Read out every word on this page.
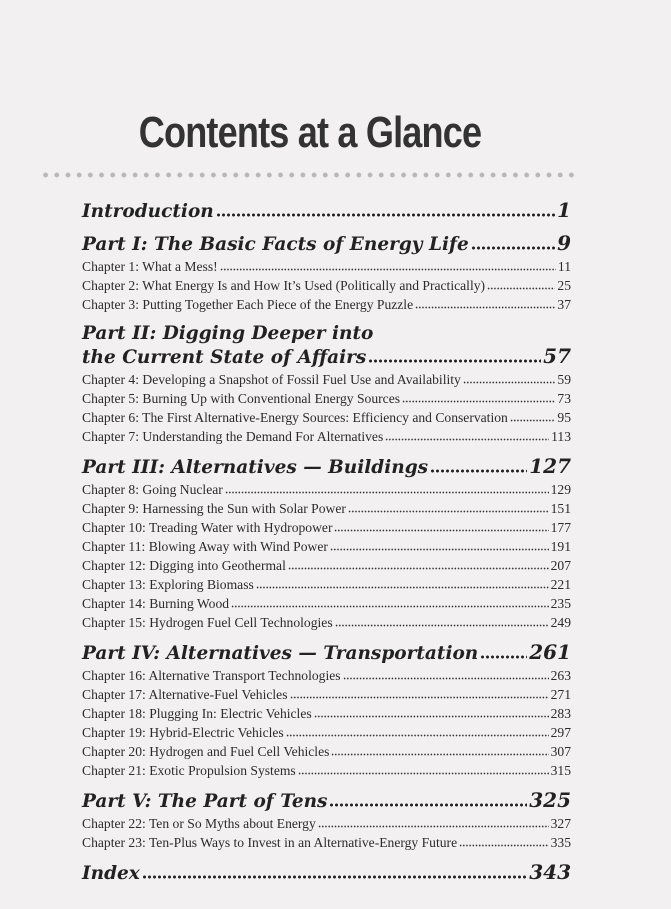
Contents at a Glance
Introduction	1
Part I: The Basic Facts of Energy Life	9
Chapter 1: What a Mess!	11
Chapter 2: What Energy Is and How It’s Used (Politically and Practically)	25
Chapter 3: Putting Together Each Piece of the Energy Puzzle	37
Part II: Digging Deeper into
the Current State of Affairs	57
Chapter 4: Developing a Snapshot of Fossil Fuel Use and Availability	59
Chapter 5: Burning Up with Conventional Energy Sources	73
Chapter 6: The First Alternative-Energy Sources: Efficiency and Conservation	95
Chapter 7: Understanding the Demand For Alternatives	113
Part III: Alternatives — Buildings	127
Chapter 8: Going Nuclear	129
Chapter 9: Harnessing the Sun with Solar Power	151
Chapter 10: Treading Water with Hydropower	177
Chapter 11: Blowing Away with Wind Power	191
Chapter 12: Digging into Geothermal	207
Chapter 13: Exploring Biomass	221
Chapter 14: Burning Wood	235
Chapter 15: Hydrogen Fuel Cell Technologies	249
Part IV: Alternatives — Transportation	261
Chapter 16: Alternative Transport Technologies	263
Chapter 17: Alternative-Fuel Vehicles	271
Chapter 18: Plugging In: Electric Vehicles	283
Chapter 19: Hybrid-Electric Vehicles	297
Chapter 20: Hydrogen and Fuel Cell Vehicles	307
Chapter 21: Exotic Propulsion Systems	315
Part V: The Part of Tens	325
Chapter 22: Ten or So Myths about Energy	327
Chapter 23: Ten-Plus Ways to Invest in an Alternative-Energy Future	335
Index	343
